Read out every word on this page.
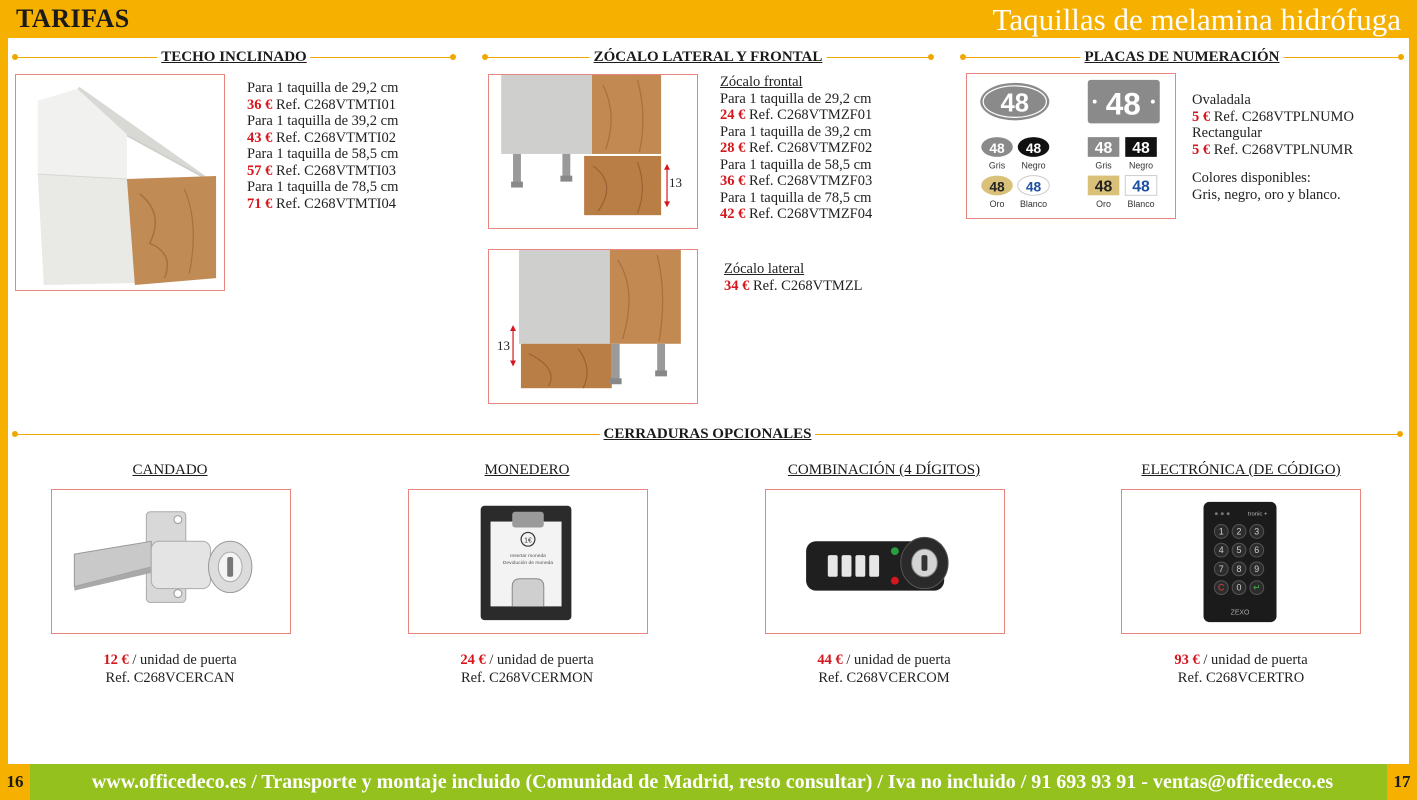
TARIFAS	Taquillas de melamina hidrófuga
TECHO INCLINADO
Para 1 taquilla de 29,2 cm
36 € Ref. C268VTMTI01
Para 1 taquilla de 39,2 cm
43 € Ref. C268VTMTI02
Para 1 taquilla de 58,5 cm
57 € Ref. C268VTMTI03
Para 1 taquilla de 78,5 cm
71 € Ref. C268VTMTI04
ZÓCALO LATERAL Y FRONTAL
13
Zócalo frontal
Para 1 taquilla de 29,2 cm
24 € Ref. C268VTMZF01
Para 1 taquilla de 39,2 cm
28 € Ref. C268VTMZF02
Para 1 taquilla de 58,5 cm
36 € Ref. C268VTMZF03
Para 1 taquilla de 78,5 cm
42 € Ref. C268VTMZF04
13
Zócalo lateral
34 € Ref. C268VTMZL
PLACAS DE NUMERACIÓN
48 48
48 48
48 48
48 48
48 48
Gris Negro
Oro Blanco
Gris Negro
Oro Blanco
Ovaladala
5 € Ref. C268VTPLNUMO
Rectangular
5 € Ref. C268VTPLNUMR
Colores disponibles:
Gris, negro, oro y blanco.
CERRADURAS OPCIONALES
CANDADO
12 € / unidad de puerta
Ref. C268VCERCAN
MONEDERO
1€
Insertar moneda
Devolución de moneda
24 € / unidad de puerta
Ref. C268VCERMON
COMBINACIÓN (4 DÍGITOS)
44 € / unidad de puerta
Ref. C268VCERCOM
ELECTRÓNICA (DE CÓDIGO)
tronic +
1 2 3
4 5 6
7 8 9
C 0 ↵
ZEXO
93 € / unidad de puerta
Ref. C268VCERTRO
www.officedeco.es / Transporte y montaje incluido (Comunidad de Madrid, resto consultar) / Iva no incluido / 91 693 93 91 - ventas@officedeco.es
16	17
